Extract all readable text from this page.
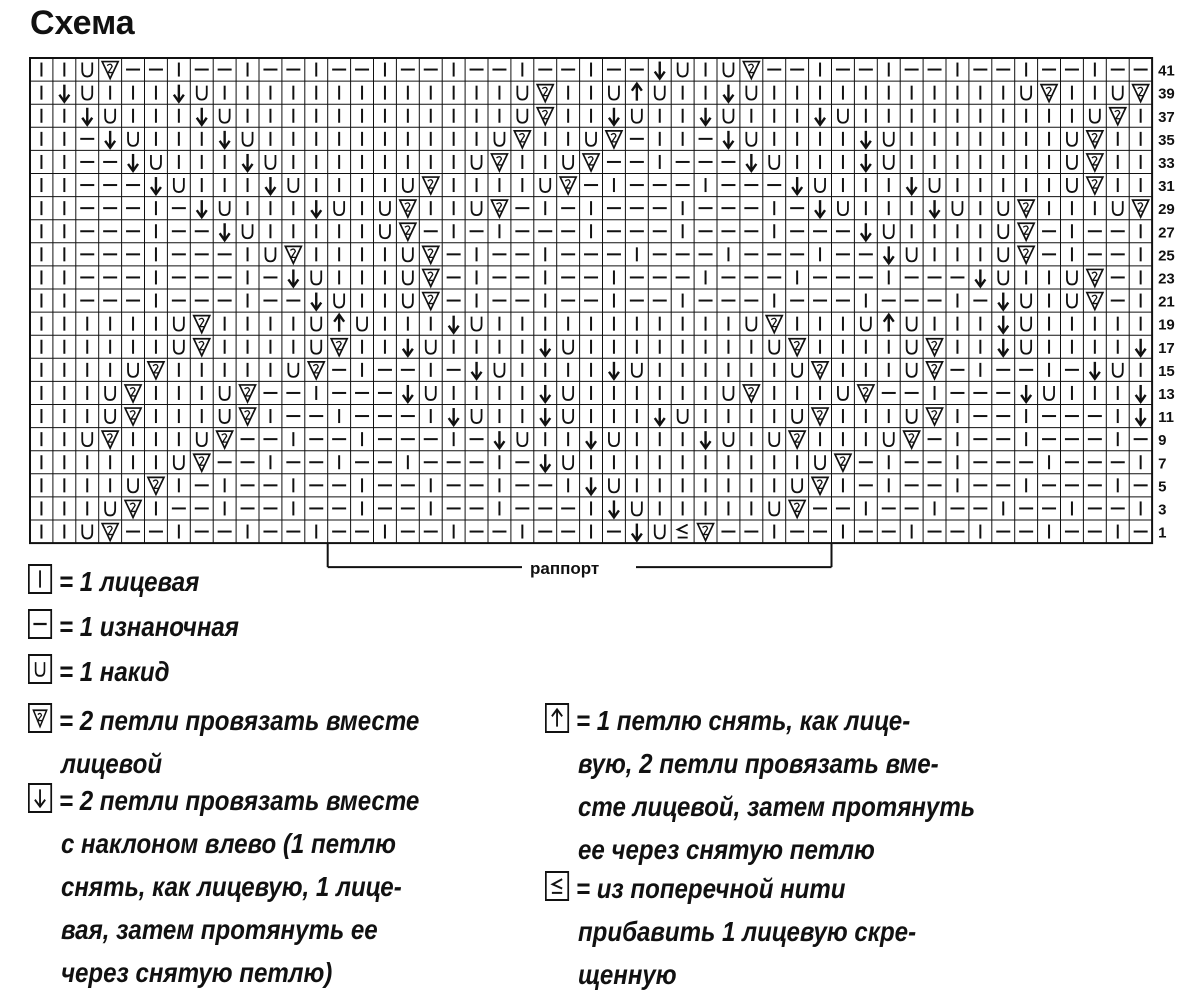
Схема
41
39
37
35
33
31
29
27
25
23
21
19
17
15
13
11
9
7
5
3
1
раппорт
= 1 лицевая
= 1 изнаночная
= 1 накид
= 2 петли провязать вместе
лицевой
= 2 петли провязать вместе
с наклоном влево (1 петлю
снять, как лицевую, 1 лице-
вая, затем протянуть ее
через снятую петлю)
= 1 петлю снять, как лице-
вую, 2 петли провязать вме-
сте лицевой, затем протянуть
ее через снятую петлю
= из поперечной нити
прибавить 1 лицевую скре-
щенную
